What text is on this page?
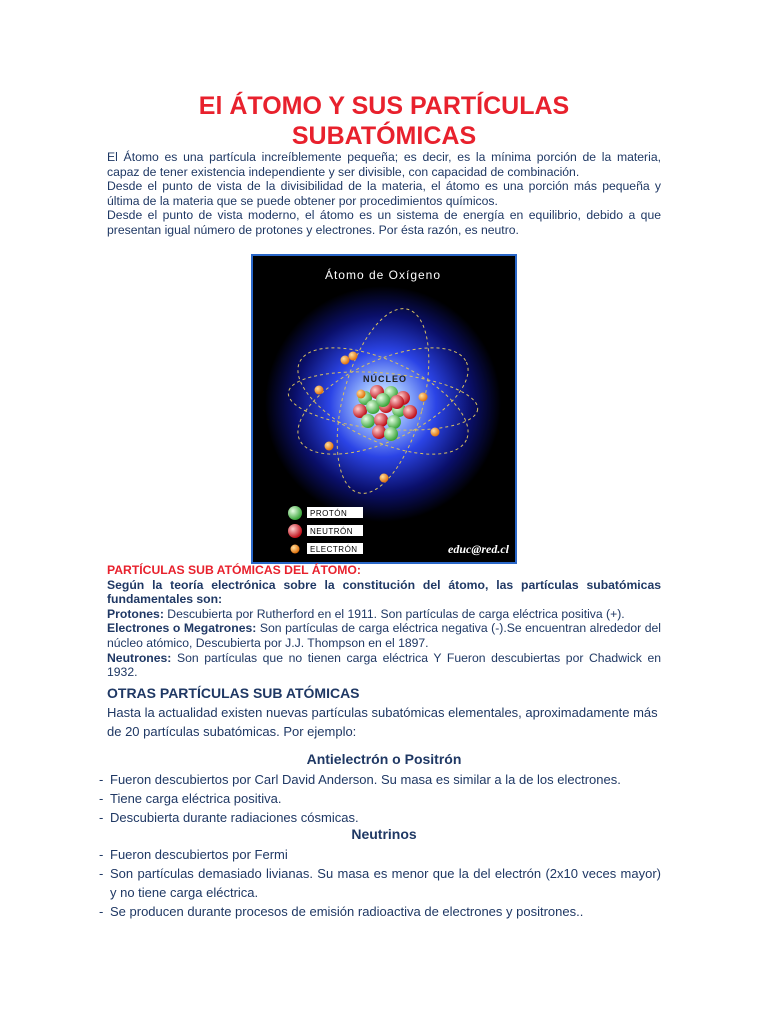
El ÁTOMO Y SUS PARTÍCULAS SUBATÓMICAS

El Átomo es una partícula increíblemente pequeña; es decir, es la mínima porción de la materia, capaz de tener existencia independiente y ser divisible, con capacidad de combinación.

Desde el punto de vista de la divisibilidad de la materia, el átomo es una porción más pequeña y última de la materia que se puede obtener por procedimientos químicos.

Desde el punto de vista moderno, el átomo es un sistema de energía en equilibrio, debido a que presentan igual número de protones y electrones. Por ésta razón, es neutro.

Átomo de Oxígeno
NÚCLEO
PROTÓN
NEUTRÓN
ELECTRÓN	educ@red.cl

PARTÍCULAS SUB ATÓMICAS DEL ÁTOMO:

Según la teoría electrónica sobre la constitución del átomo, las partículas subatómicas fundamentales son:

Protones: Descubierta por Rutherford en el 1911. Son partículas de carga eléctrica positiva (+).

Electrones o Megatrones: Son partículas de carga eléctrica negativa (-).Se encuentran alrededor del núcleo atómico, Descubierta por J.J. Thompson en el 1897.

Neutrones: Son partículas que no tienen carga eléctrica Y Fueron descubiertas por Chadwick en 1932.

OTRAS PARTÍCULAS SUB ATÓMICAS

Hasta la actualidad existen nuevas partículas subatómicas elementales, aproximadamente más de 20 partículas subatómicas. Por ejemplo:

Antielectrón o Positrón
- Fueron descubiertos por Carl David Anderson. Su masa es similar a la de los electrones.
- Tiene carga eléctrica positiva.
- Descubierta durante radiaciones cósmicas.
Neutrinos
- Fueron descubiertos por Fermi
- Son partículas demasiado livianas. Su masa es menor que la del electrón (2x10 veces mayor) y no tiene carga eléctrica.
- Se producen durante procesos de emisión radioactiva de electrones y positrones..
